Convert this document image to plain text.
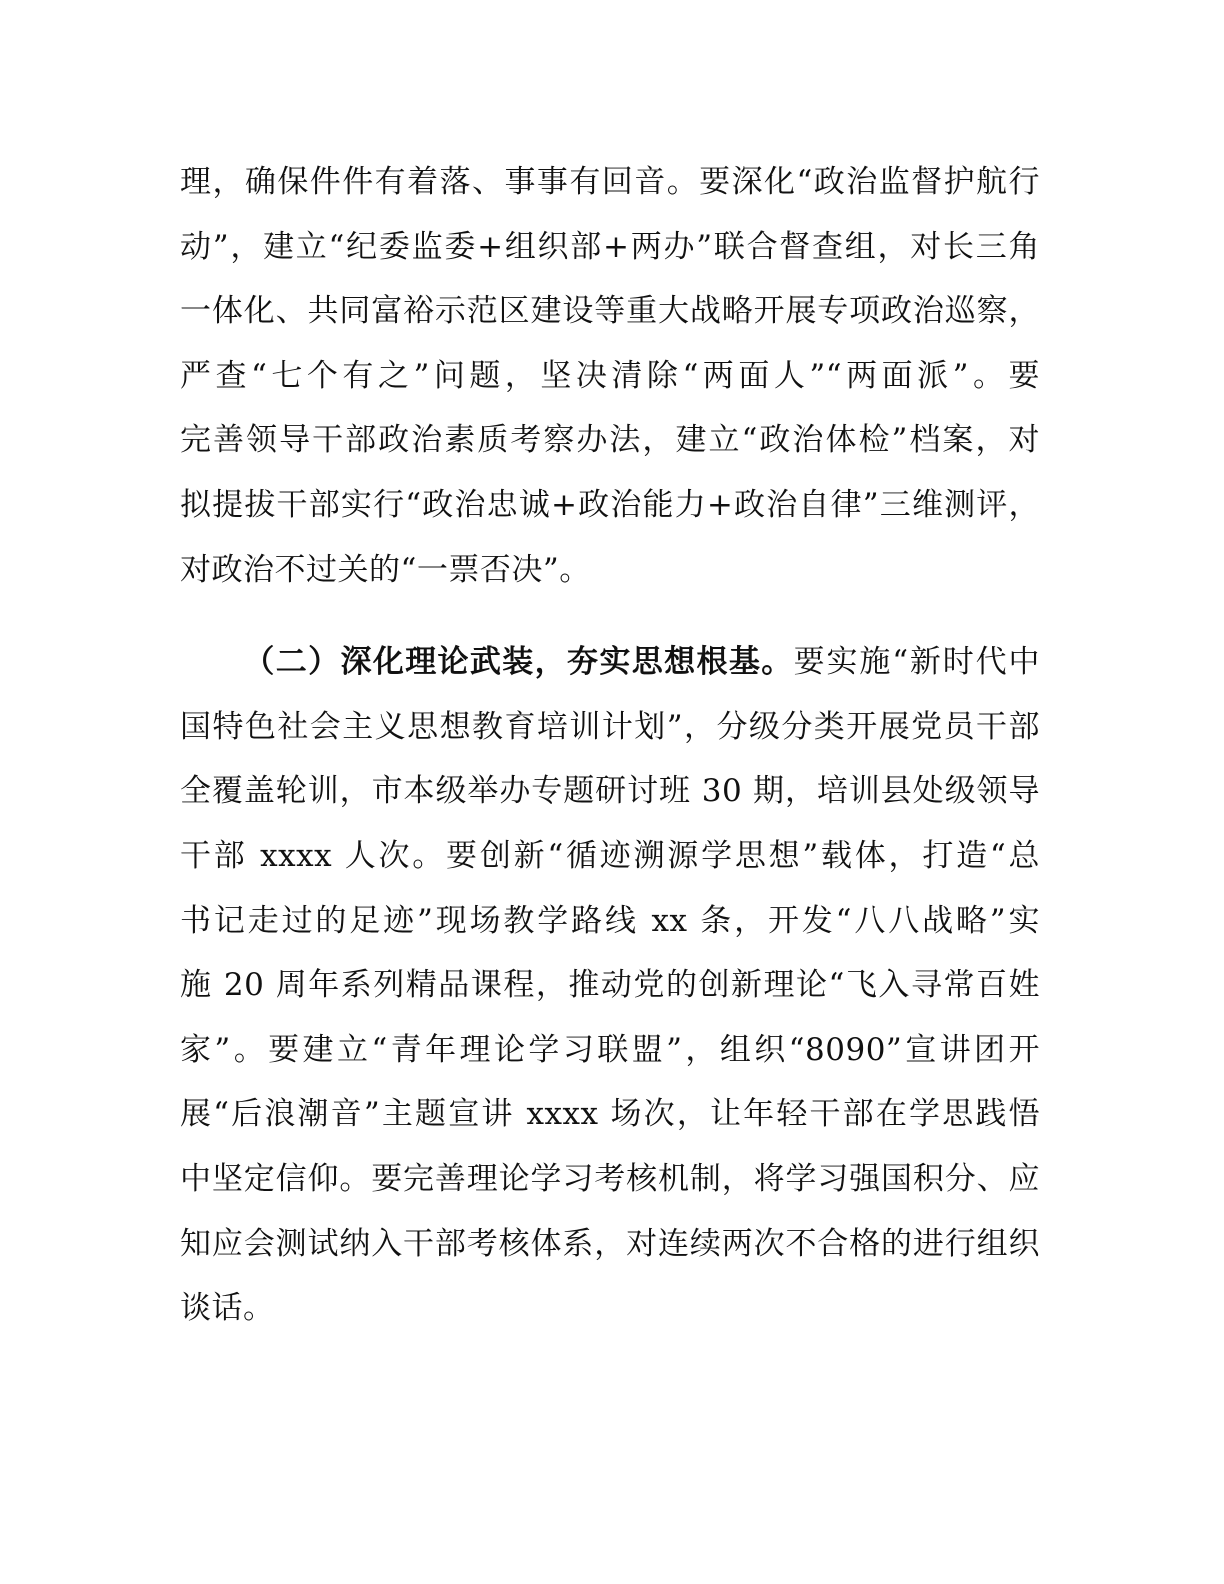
理，确保件件有着落、事事有回音。要深化“政治监督护航行
动”，建立“纪委监委+组织部+两办”联合督查组，对长三角
一体化、共同富裕示范区建设等重大战略开展专项政治巡察，
严查“七个有之”问题，坚决清除“两面人”“两面派”。要
完善领导干部政治素质考察办法，建立“政治体检”档案，对
拟提拔干部实行“政治忠诚+政治能力+政治自律”三维测评，
对政治不过关的“一票否决”。
（二）深化理论武装，夯实思想根基。要实施“新时代中
国特色社会主义思想教育培训计划”，分级分类开展党员干部
全覆盖轮训，市本级举办专题研讨班 30 期，培训县处级领导
干部 xxxx 人次。要创新“循迹溯源学思想”载体，打造“总
书记走过的足迹”现场教学路线 xx 条，开发“八八战略”实
施 20 周年系列精品课程，推动党的创新理论“飞入寻常百姓
家”。要建立“青年理论学习联盟”，组织“8090”宣讲团开
展“后浪潮音”主题宣讲 xxxx 场次，让年轻干部在学思践悟
中坚定信仰。要完善理论学习考核机制，将学习强国积分、应
知应会测试纳入干部考核体系，对连续两次不合格的进行组织
谈话。
